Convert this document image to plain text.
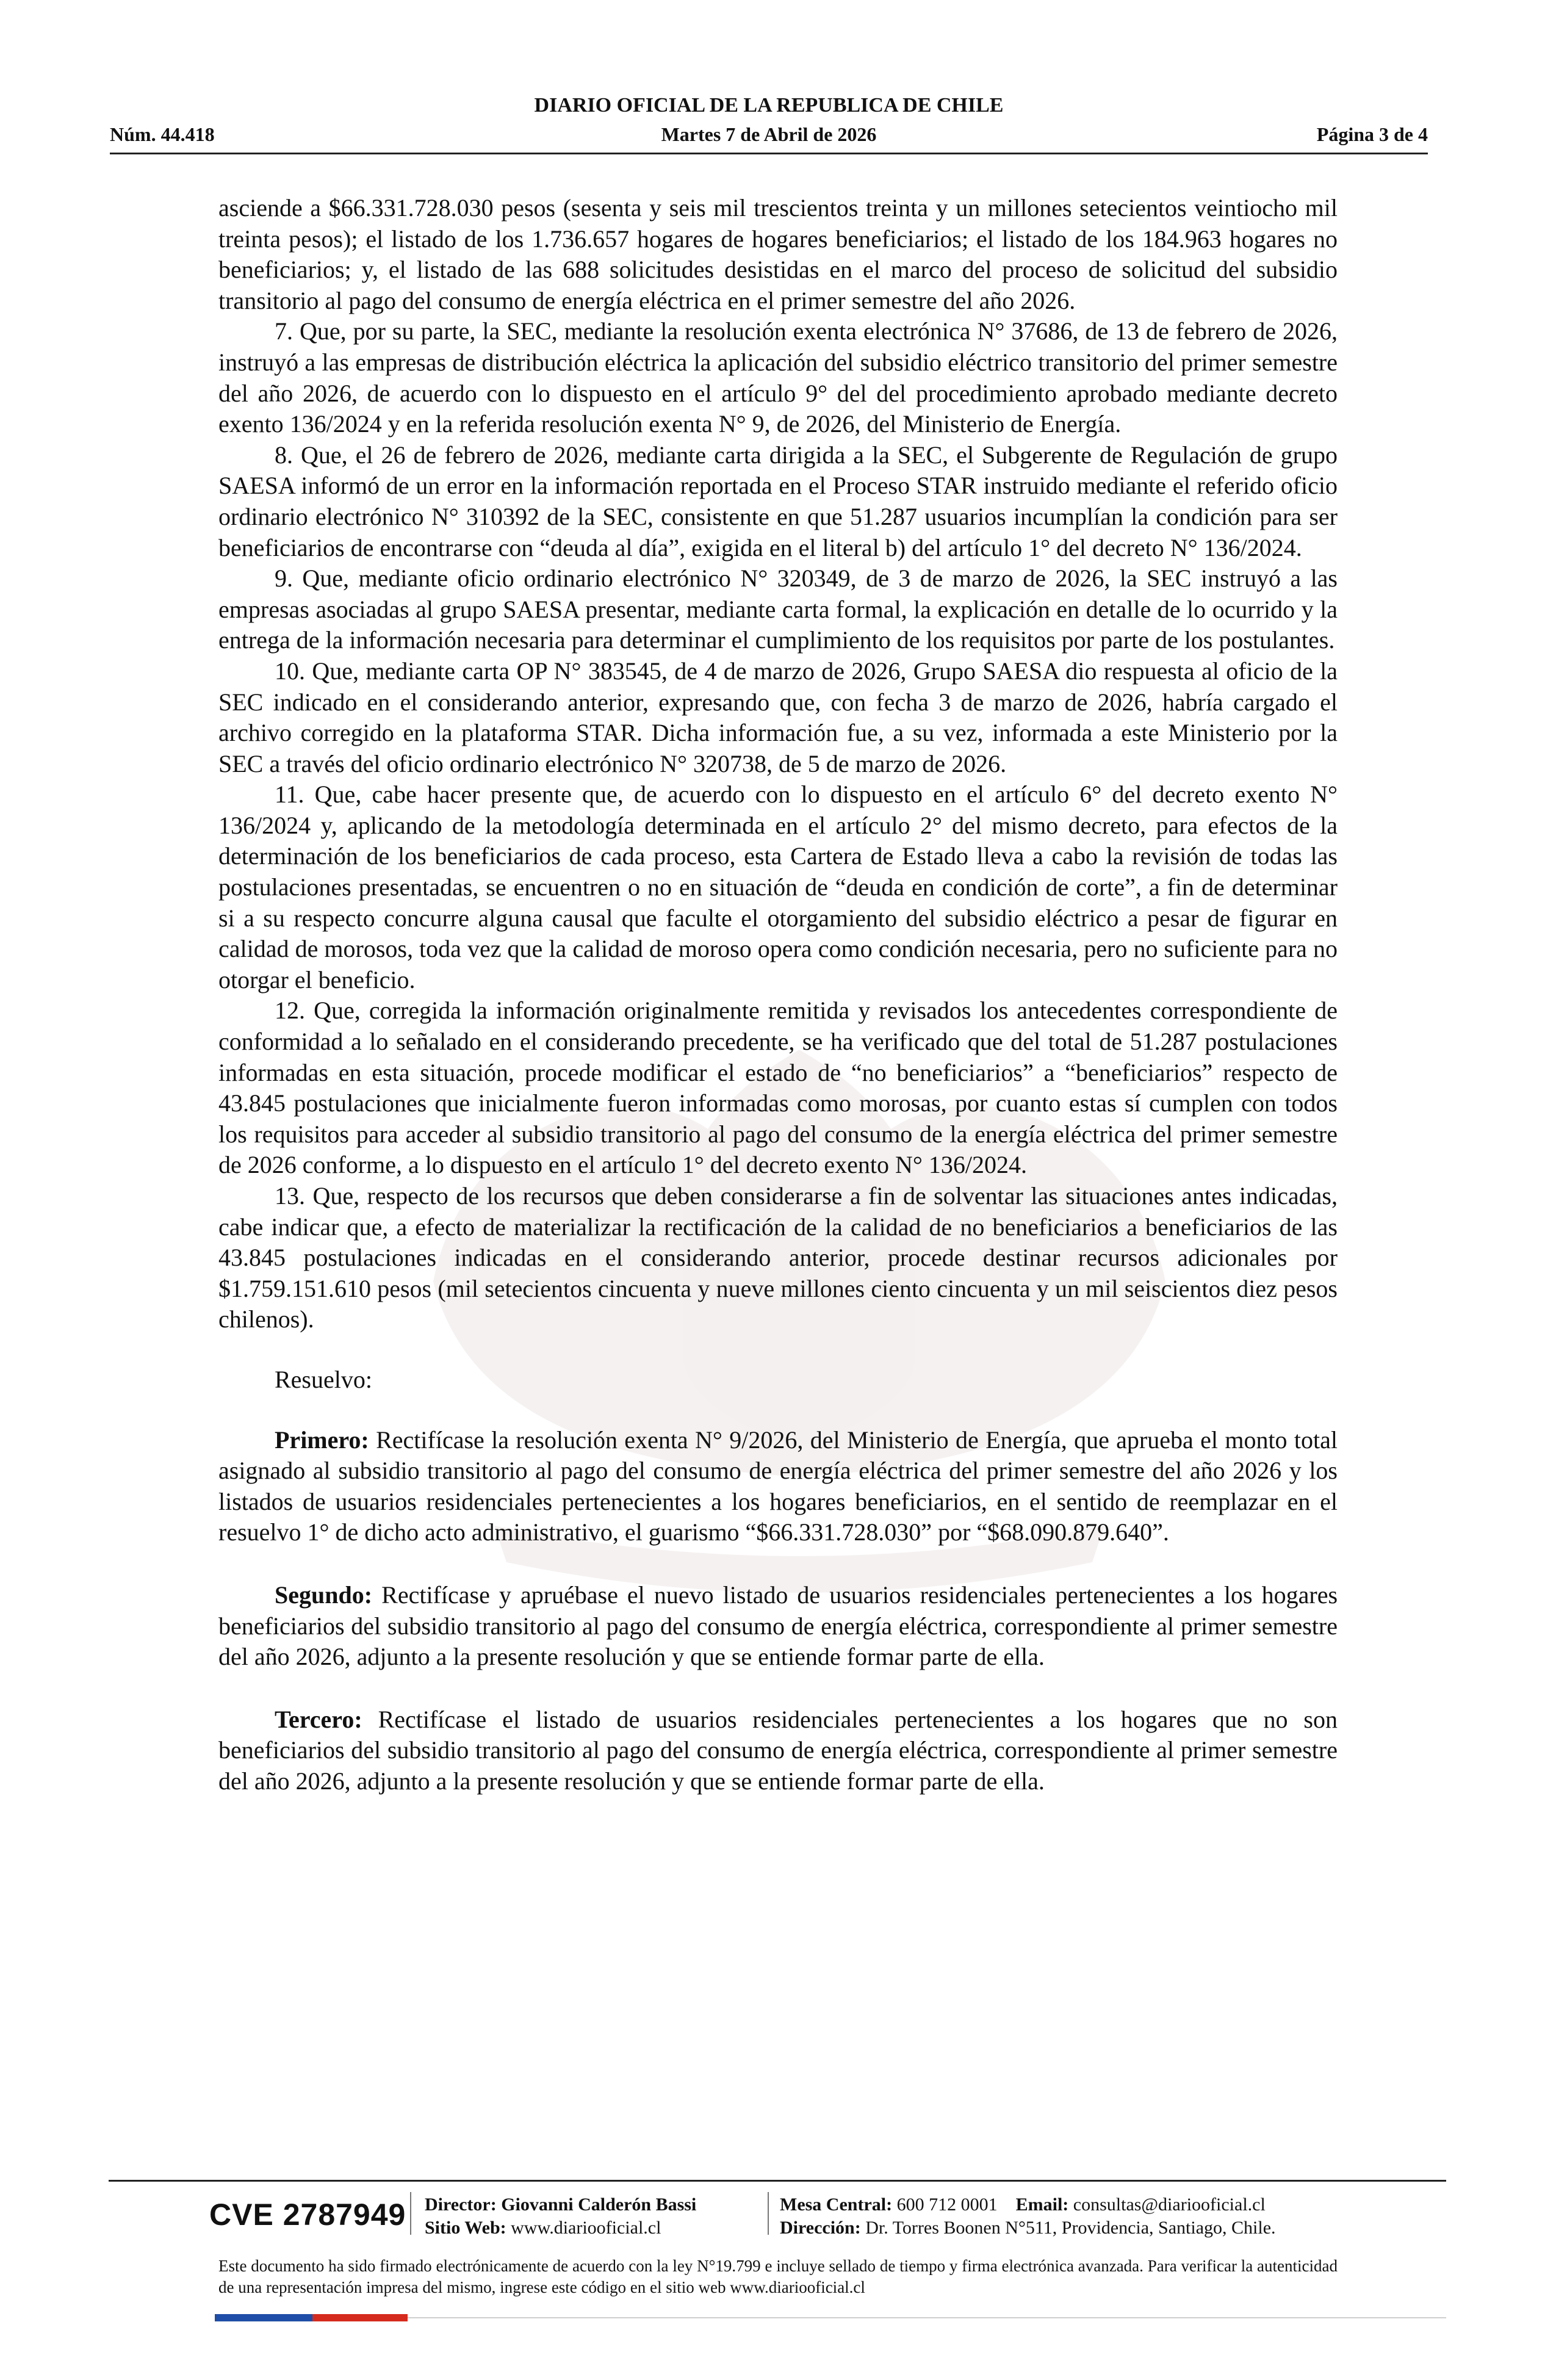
DIARIO OFICIAL DE LA REPUBLICA DE CHILE
Núm. 44.418	Martes 7 de Abril de 2026	Página 3 de 4

asciende a $66.331.728.030 pesos (sesenta y seis mil trescientos treinta y un millones setecientos veintiocho mil treinta pesos); el listado de los 1.736.657 hogares de hogares beneficiarios; el listado de los 184.963 hogares no beneficiarios; y, el listado de las 688 solicitudes desistidas en el marco del proceso de solicitud del subsidio transitorio al pago del consumo de energía eléctrica en el primer semestre del año 2026.

7. Que, por su parte, la SEC, mediante la resolución exenta electrónica N° 37686, de 13 de febrero de 2026, instruyó a las empresas de distribución eléctrica la aplicación del subsidio eléctrico transitorio del primer semestre del año 2026, de acuerdo con lo dispuesto en el artículo 9° del del procedimiento aprobado mediante decreto exento 136/2024 y en la referida resolución exenta N° 9, de 2026, del Ministerio de Energía.

8. Que, el 26 de febrero de 2026, mediante carta dirigida a la SEC, el Subgerente de Regulación de grupo SAESA informó de un error en la información reportada en el Proceso STAR instruido mediante el referido oficio ordinario electrónico N° 310392 de la SEC, consistente en que 51.287 usuarios incumplían la condición para ser beneficiarios de encontrarse con “deuda al día”, exigida en el literal b) del artículo 1° del decreto N° 136/2024.

9. Que, mediante oficio ordinario electrónico N° 320349, de 3 de marzo de 2026, la SEC instruyó a las empresas asociadas al grupo SAESA presentar, mediante carta formal, la explicación en detalle de lo ocurrido y la entrega de la información necesaria para determinar el cumplimiento de los requisitos por parte de los postulantes.

10. Que, mediante carta OP N° 383545, de 4 de marzo de 2026, Grupo SAESA dio respuesta al oficio de la SEC indicado en el considerando anterior, expresando que, con fecha 3 de marzo de 2026, habría cargado el archivo corregido en la plataforma STAR. Dicha información fue, a su vez, informada a este Ministerio por la SEC a través del oficio ordinario electrónico N° 320738, de 5 de marzo de 2026.

11. Que, cabe hacer presente que, de acuerdo con lo dispuesto en el artículo 6° del decreto exento N° 136/2024 y, aplicando de la metodología determinada en el artículo 2° del mismo decreto, para efectos de la determinación de los beneficiarios de cada proceso, esta Cartera de Estado lleva a cabo la revisión de todas las postulaciones presentadas, se encuentren o no en situación de “deuda en condición de corte”, a fin de determinar si a su respecto concurre alguna causal que faculte el otorgamiento del subsidio eléctrico a pesar de figurar en calidad de morosos, toda vez que la calidad de moroso opera como condición necesaria, pero no suficiente para no otorgar el beneficio.

12. Que, corregida la información originalmente remitida y revisados los antecedentes correspondiente de conformidad a lo señalado en el considerando precedente, se ha verificado que del total de 51.287 postulaciones informadas en esta situación, procede modificar el estado de “no beneficiarios” a “beneficiarios” respecto de 43.845 postulaciones que inicialmente fueron informadas como morosas, por cuanto estas sí cumplen con todos los requisitos para acceder al subsidio transitorio al pago del consumo de la energía eléctrica del primer semestre de 2026 conforme, a lo dispuesto en el artículo 1° del decreto exento N° 136/2024.

13. Que, respecto de los recursos que deben considerarse a fin de solventar las situaciones antes indicadas, cabe indicar que, a efecto de materializar la rectificación de la calidad de no beneficiarios a beneficiarios de las 43.845 postulaciones indicadas en el considerando anterior, procede destinar recursos adicionales por $1.759.151.610 pesos (mil setecientos cincuenta y nueve millones ciento cincuenta y un mil seiscientos diez pesos chilenos).

Resuelvo:

Primero: Rectifícase la resolución exenta N° 9/2026, del Ministerio de Energía, que aprueba el monto total asignado al subsidio transitorio al pago del consumo de energía eléctrica del primer semestre del año 2026 y los listados de usuarios residenciales pertenecientes a los hogares beneficiarios, en el sentido de reemplazar en el resuelvo 1° de dicho acto administrativo, el guarismo “$66.331.728.030” por “$68.090.879.640”.

Segundo: Rectifícase y apruébase el nuevo listado de usuarios residenciales pertenecientes a los hogares beneficiarios del subsidio transitorio al pago del consumo de energía eléctrica, correspondiente al primer semestre del año 2026, adjunto a la presente resolución y que se entiende formar parte de ella.

Tercero: Rectifícase el listado de usuarios residenciales pertenecientes a los hogares que no son beneficiarios del subsidio transitorio al pago del consumo de energía eléctrica, correspondiente al primer semestre del año 2026, adjunto a la presente resolución y que se entiende formar parte de ella.

CVE 2787949 Director: Giovanni Calderón Bassi
Sitio Web: www.diariooficial.cl
Mesa Central: 600 712 0001 Email: consultas@diariooficial.cl
Dirección: Dr. Torres Boonen N°511, Providencia, Santiago, Chile.
Este documento ha sido firmado electrónicamente de acuerdo con la ley N°19.799 e incluye sellado de tiempo y firma electrónica avanzada. Para verificar la autenticidad de una representación impresa del mismo, ingrese este código en el sitio web www.diariooficial.cl
